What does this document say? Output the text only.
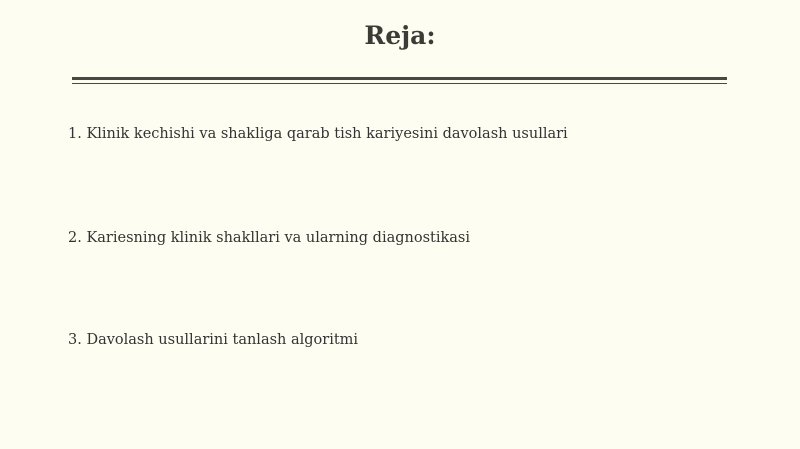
Reja:
1. Klinik kechishi va shakliga qarab tish kariyesini davolash usullari
2. Kariesning klinik shakllari va ularning diagnostikasi
3. Davolash usullarini tanlash algoritmi
